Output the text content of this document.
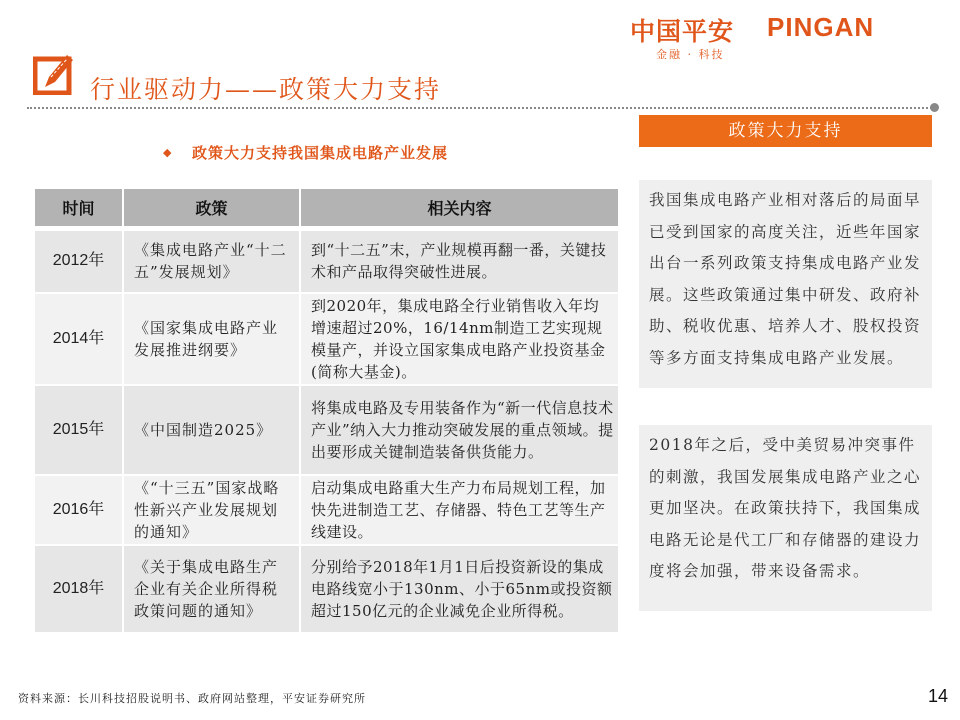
中国平安 PINGAN
金融 · 科技
行业驱动力——政策大力支持
◆ 政策大力支持我国集成电路产业发展
时间	政策	相关内容
2012年	《集成电路产业“十二五”发展规划》	到“十二五”末，产业规模再翻一番，关键技术和产品取得突破性进展。
2014年	《国家集成电路产业发展推进纲要》	到2020年，集成电路全行业销售收入年均增速超过20%，16/14nm制造工艺实现规模量产，并设立国家集成电路产业投资基金(简称大基金)。
2015年	《中国制造2025》	将集成电路及专用装备作为“新一代信息技术产业”纳入大力推动突破发展的重点领域。提出要形成关键制造装备供货能力。
2016年	《“十三五”国家战略性新兴产业发展规划的通知》	启动集成电路重大生产力布局规划工程，加快先进制造工艺、存储器、特色工艺等生产线建设。
2018年	《关于集成电路生产企业有关企业所得税政策问题的通知》	分别给予2018年1月1日后投资新设的集成电路线宽小于130nm、小于65nm或投资额超过150亿元的企业减免企业所得税。
政策大力支持
我国集成电路产业相对落后的局面早已受到国家的高度关注，近些年国家出台一系列政策支持集成电路产业发展。这些政策通过集中研发、政府补助、税收优惠、培养人才、股权投资等多方面支持集成电路产业发展。
2018年之后，受中美贸易冲突事件的刺激，我国发展集成电路产业之心更加坚决。在政策扶持下，我国集成电路无论是代工厂和存储器的建设力度将会加强，带来设备需求。
资料来源：长川科技招股说明书、政府网站整理，平安证券研究所	14
